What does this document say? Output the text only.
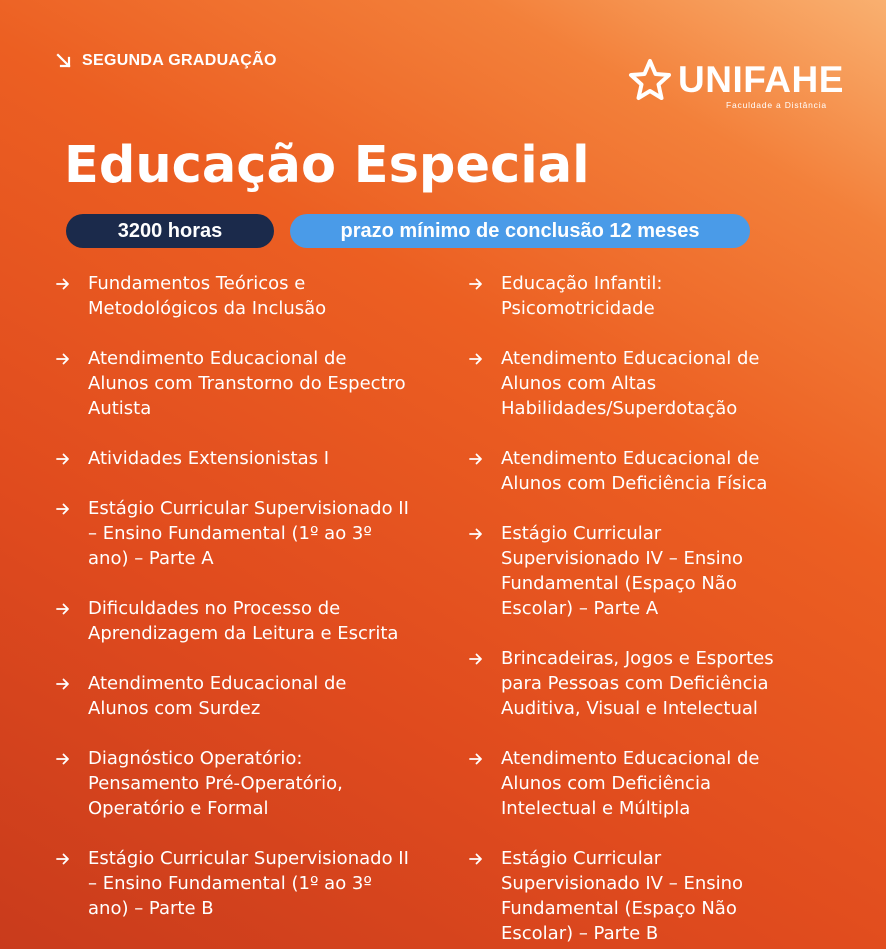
SEGUNDA GRADUAÇÃO	UNIFAHE
Faculdade a Distância
Educação Especial
3200 horas	prazo mínimo de conclusão 12 meses
Fundamentos Teóricos e
Metodológicos da Inclusão
Atendimento Educacional de
Alunos com Transtorno do Espectro
Autista
Atividades Extensionistas I
Estágio Curricular Supervisionado II
– Ensino Fundamental (1º ao 3º
ano) – Parte A
Dificuldades no Processo de
Aprendizagem da Leitura e Escrita
Atendimento Educacional de
Alunos com Surdez
Diagnóstico Operatório:
Pensamento Pré-Operatório,
Operatório e Formal
Estágio Curricular Supervisionado II
– Ensino Fundamental (1º ao 3º
ano) – Parte B
Educação Infantil:
Psicomotricidade
Atendimento Educacional de
Alunos com Altas
Habilidades/Superdotação
Atendimento Educacional de
Alunos com Deficiência Física
Estágio Curricular
Supervisionado IV – Ensino
Fundamental (Espaço Não
Escolar) – Parte A
Brincadeiras, Jogos e Esportes
para Pessoas com Deficiência
Auditiva, Visual e Intelectual
Atendimento Educacional de
Alunos com Deficiência
Intelectual e Múltipla
Estágio Curricular
Supervisionado IV – Ensino
Fundamental (Espaço Não
Escolar) – Parte B
